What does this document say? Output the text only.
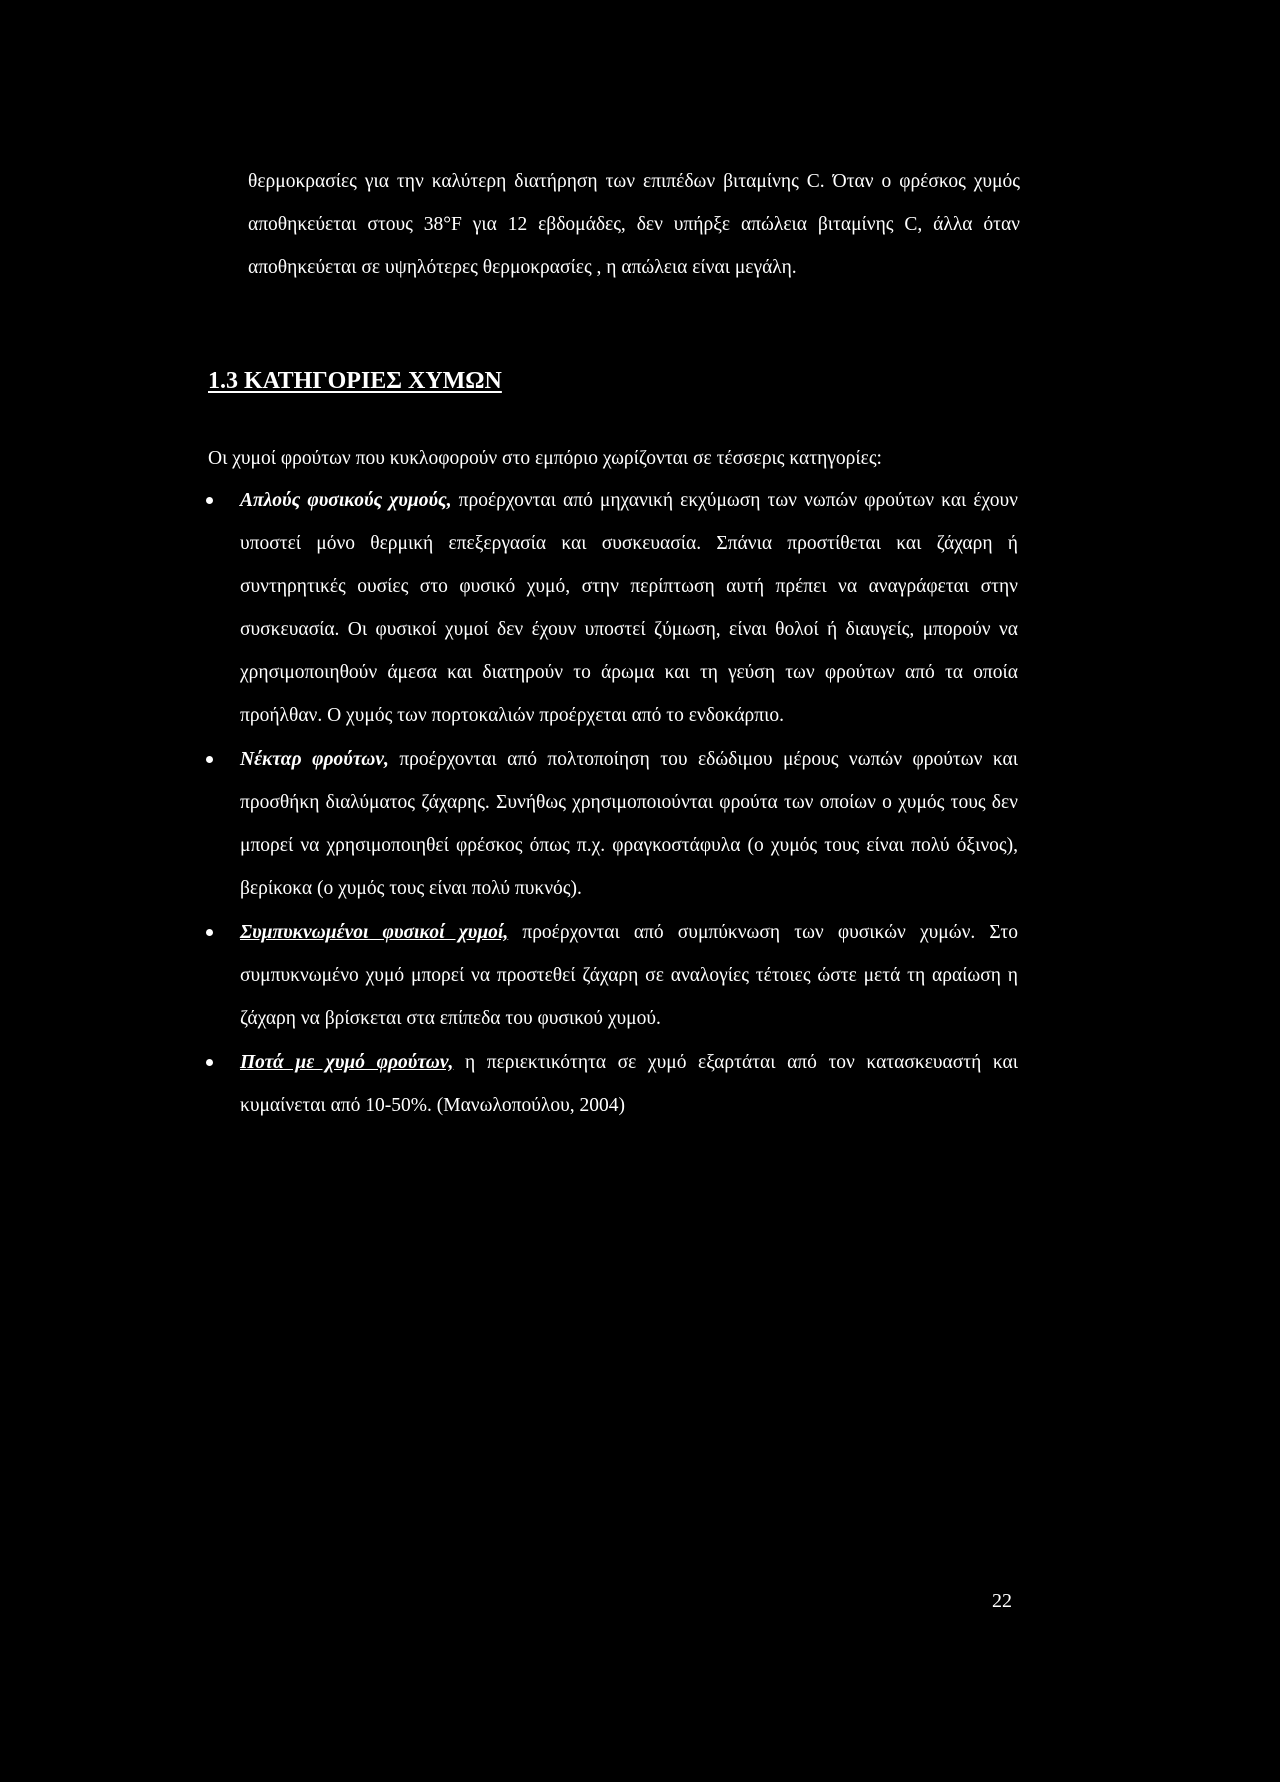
θερμοκρασίες για την καλύτερη διατήρηση των επιπέδων βιταμίνης C. Όταν ο φρέσκος χυμός αποθηκεύεται στους 38°F για 12 εβδομάδες, δεν υπήρξε απώλεια βιταμίνης C, άλλα όταν αποθηκεύεται σε υψηλότερες θερμοκρασίες , η απώλεια είναι μεγάλη.
1.3 ΚΑΤΗΓΟΡΙΕΣ ΧΥΜΩΝ
Οι χυμοί φρούτων που κυκλοφορούν στο εμπόριο χωρίζονται σε τέσσερις κατηγορίες:
Απλούς φυσικούς χυμούς, προέρχονται από μηχανική εκχύμωση των νωπών φρούτων και έχουν υποστεί μόνο θερμική επεξεργασία και συσκευασία. Σπάνια προστίθεται και ζάχαρη ή συντηρητικές ουσίες στο φυσικό χυμό, στην περίπτωση αυτή πρέπει να αναγράφεται στην συσκευασία. Οι φυσικοί χυμοί δεν έχουν υποστεί ζύμωση, είναι θολοί ή διαυγείς, μπορούν να χρησιμοποιηθούν άμεσα και διατηρούν το άρωμα και τη γεύση των φρούτων από τα οποία προήλθαν. Ο χυμός των πορτοκαλιών προέρχεται από το ενδοκάρπιο.
Νέκταρ φρούτων, προέρχονται από πολτοποίηση του εδώδιμου μέρους νωπών φρούτων και προσθήκη διαλύματος ζάχαρης. Συνήθως χρησιμοποιούνται φρούτα των οποίων ο χυμός τους δεν μπορεί να χρησιμοποιηθεί φρέσκος όπως π.χ. φραγκοστάφυλα (ο χυμός τους είναι πολύ όξινος), βερίκοκα (ο χυμός τους είναι πολύ πυκνός).
Συμπυκνωμένοι φυσικοί χυμοί, προέρχονται από συμπύκνωση των φυσικών χυμών. Στο συμπυκνωμένο χυμό μπορεί να προστεθεί ζάχαρη σε αναλογίες τέτοιες ώστε μετά τη αραίωση η ζάχαρη να βρίσκεται στα επίπεδα του φυσικού χυμού.
Ποτά με χυμό φρούτων, η περιεκτικότητα σε χυμό εξαρτάται από τον κατασκευαστή και κυμαίνεται από 10-50%. (Μανωλοπούλου, 2004)
22
